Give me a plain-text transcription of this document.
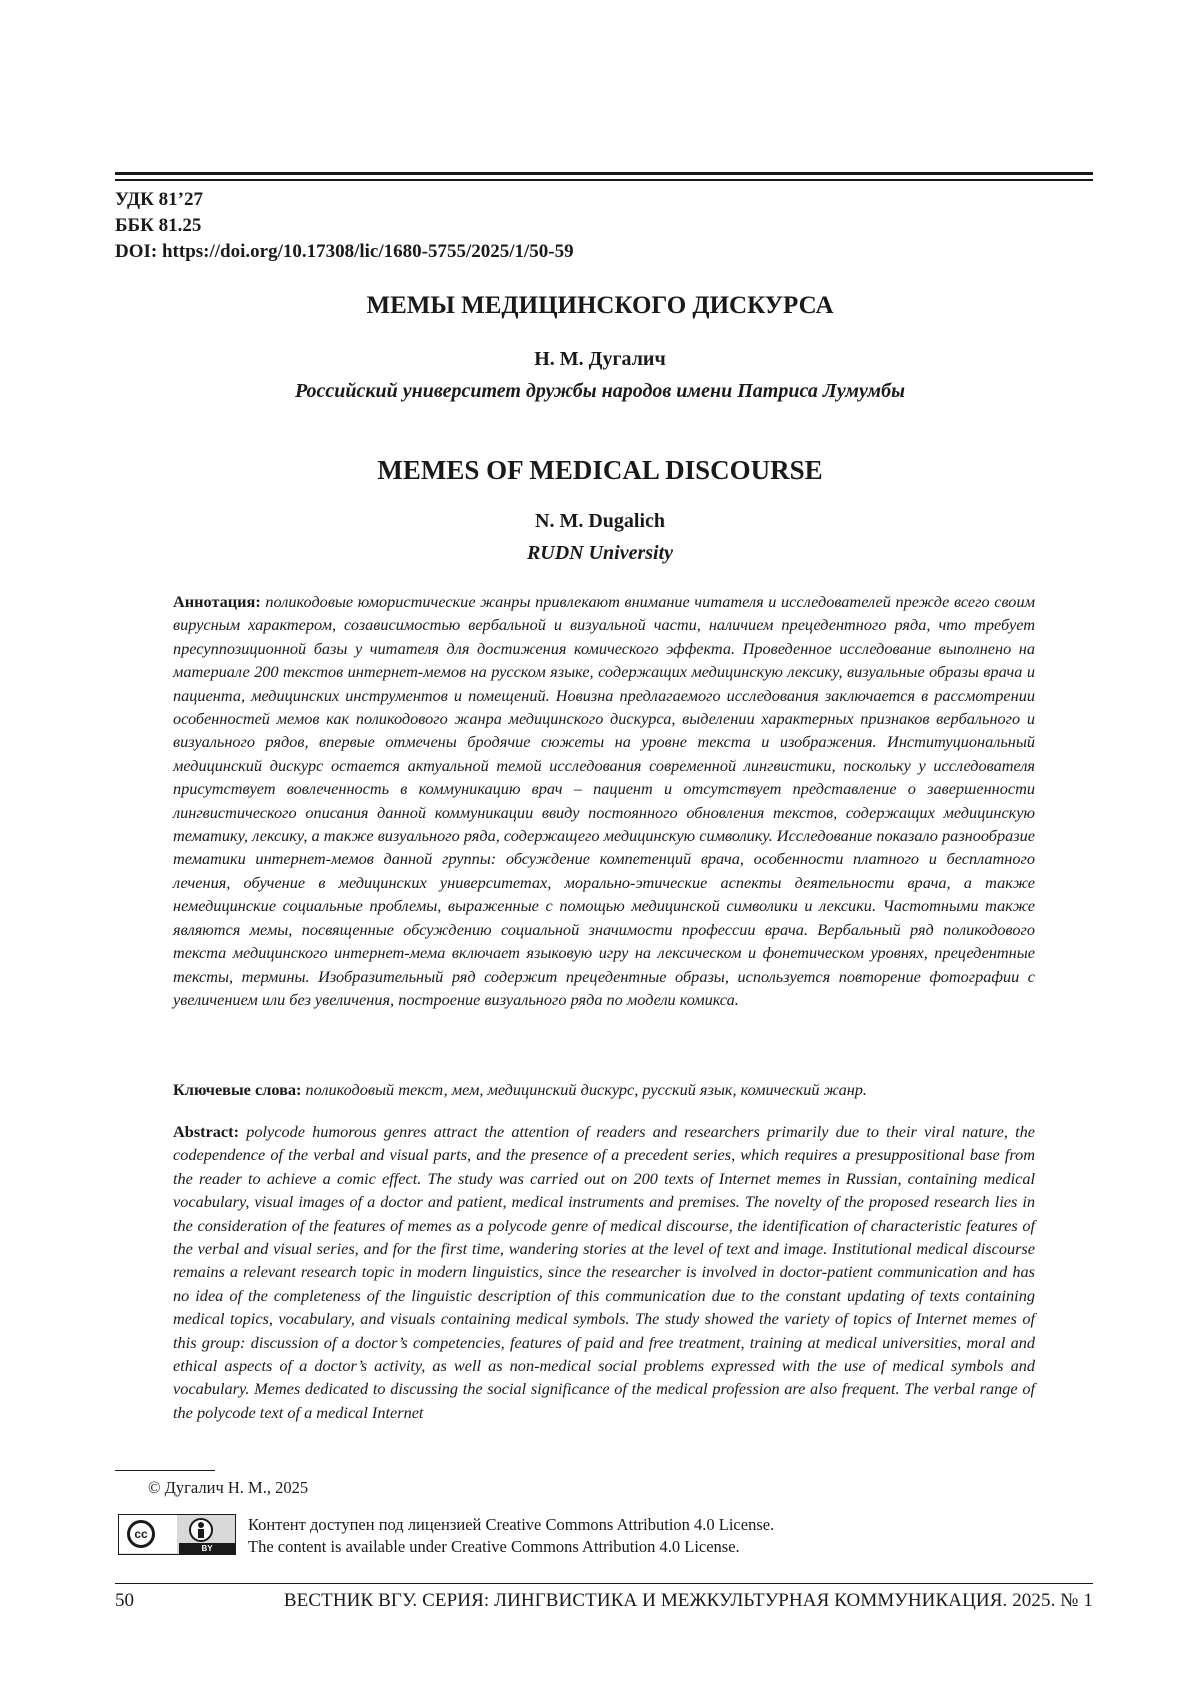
УДК 81’27
ББК 81.25
DOI: https://doi.org/10.17308/lic/1680-5755/2025/1/50-59
МЕМЫ МЕДИЦИНСКОГО ДИСКУРСА
Н. М. Дугалич
Российский университет дружбы народов имени Патриса Лумумбы
MEMES OF MEDICAL DISCOURSE
N. M. Dugalich
RUDN University
Аннотация: поликодовые юмористические жанры привлекают внимание читателя и исследователей прежде всего своим вирусным характером, созависимостью вербальной и визуальной части, наличием прецедентного ряда, что требует пресуппозиционной базы у читателя для достижения комического эффекта. Проведенное исследование выполнено на материале 200 текстов интернет-мемов на русском языке, содержащих медицинскую лексику, визуальные образы врача и пациента, медицинских инструментов и помещений. Новизна предлагаемого исследования заключается в рассмотрении особенностей мемов как поликодового жанра медицинского дискурса, выделении характерных признаков вербального и визуального рядов, впервые отмечены бродячие сюжеты на уровне текста и изображения. Институциональный медицинский дискурс остается актуальной темой исследования современной лингвистики, поскольку у исследователя присутствует вовлеченность в коммуникацию врач – пациент и отсутствует представление о завершенности лингвистического описания данной коммуникации ввиду постоянного обновления текстов, содержащих медицинскую тематику, лексику, а также визуального ряда, содержащего медицинскую символику. Исследование показало разнообразие тематики интернет-мемов данной группы: обсуждение компетенций врача, особенности платного и бесплатного лечения, обучение в медицинских университетах, морально-этические аспекты деятельности врача, а также немедицинские социальные проблемы, выраженные с помощью медицинской символики и лексики. Частотными также являются мемы, посвященные обсуждению социальной значимости профессии врача. Вербальный ряд поликодового текста медицинского интернет-мема включает языковую игру на лексическом и фонетическом уровнях, прецедентные тексты, термины. Изобразительный ряд содержит прецедентные образы, используется повторение фотографии с увеличением или без увеличения, построение визуального ряда по модели комикса.
Ключевые слова: поликодовый текст, мем, медицинский дискурс, русский язык, комический жанр.
Abstract: polycode humorous genres attract the attention of readers and researchers primarily due to their viral nature, the codependence of the verbal and visual parts, and the presence of a precedent series, which requires a presuppositional base from the reader to achieve a comic effect. The study was carried out on 200 texts of Internet memes in Russian, containing medical vocabulary, visual images of a doctor and patient, medical instruments and premises. The novelty of the proposed research lies in the consideration of the features of memes as a polycode genre of medical discourse, the identification of characteristic features of the verbal and visual series, and for the first time, wandering stories at the level of text and image. Institutional medical discourse remains a relevant research topic in modern linguistics, since the researcher is involved in doctor-patient communication and has no idea of the completeness of the linguistic description of this communication due to the constant updating of texts containing medical topics, vocabulary, and visuals containing medical symbols. The study showed the variety of topics of Internet memes of this group: discussion of a doctor’s competencies, features of paid and free treatment, training at medical universities, moral and ethical aspects of a doctor’s activity, as well as non-medical social problems expressed with the use of medical symbols and vocabulary. Memes dedicated to discussing the social significance of the medical profession are also frequent. The verbal range of the polycode text of a medical Internet
© Дугалич Н. М., 2025
cc
BY
Контент доступен под лицензией Creative Commons Attribution 4.0 License.
The content is available under Creative Commons Attribution 4.0 License.
50	ВЕСТНИК ВГУ. СЕРИЯ: ЛИНГВИСТИКА И МЕЖКУЛЬТУРНАЯ КОММУНИКАЦИЯ. 2025. № 1
